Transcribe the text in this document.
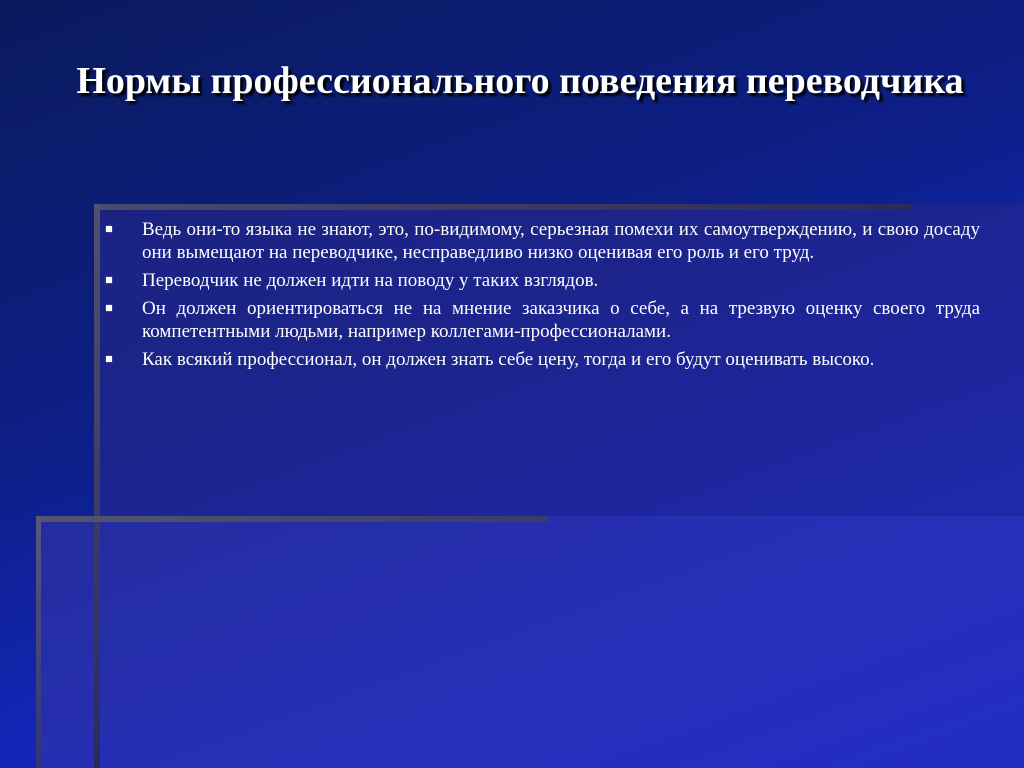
Нормы профессионального поведения переводчика
Ведь они-то языка не знают, это, по-видимому, серьезная помехи их самоутверждению, и свою досаду они вымещают на переводчике, несправедливо низко оценивая его роль и его труд.
Переводчик не должен идти на поводу у таких взглядов.
Он должен ориентироваться не на мнение заказчика о себе, а на трезвую оценку своего труда компетентными людьми, например коллегами-профессионалами.
Как всякий профессионал, он должен знать себе цену, тогда и его будут оценивать высоко.
